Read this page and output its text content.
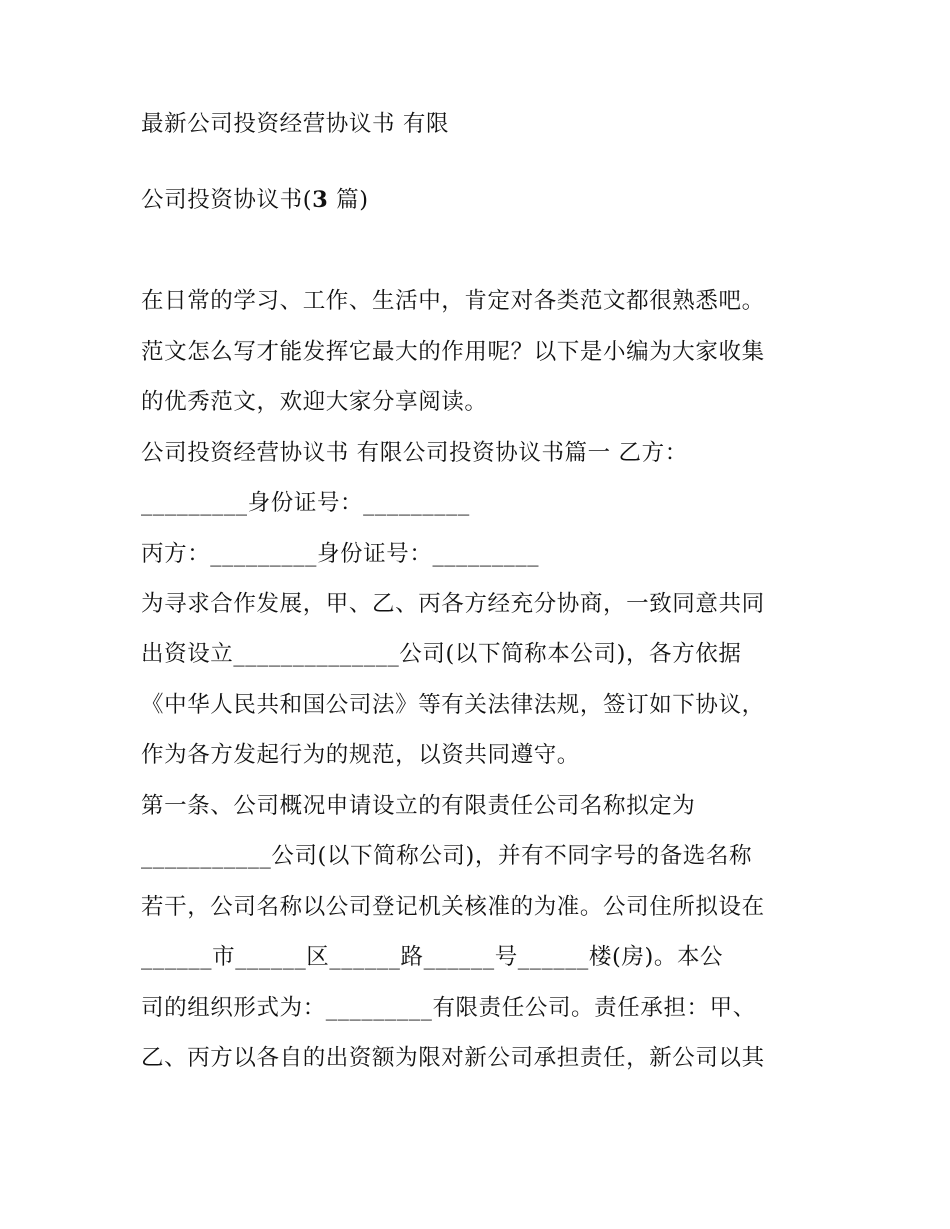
最新公司投资经营协议书 有限
公司投资协议书(3 篇)
在日常的学习、工作、生活中，肯定对各类范文都很熟悉吧。
范文怎么写才能发挥它最大的作用呢？以下是小编为大家收集
的优秀范文，欢迎大家分享阅读。
公司投资经营协议书 有限公司投资协议书篇一 乙方：
_________身份证号：_________
丙方：_________身份证号：_________
为寻求合作发展，甲、乙、丙各方经充分协商，一致同意共同
出资设立______________公司(以下简称本公司)，各方依据
《中华人民共和国公司法》等有关法律法规，签订如下协议，
作为各方发起行为的规范，以资共同遵守。
第一条、公司概况申请设立的有限责任公司名称拟定为
___________公司(以下简称公司)，并有不同字号的备选名称
若干，公司名称以公司登记机关核准的为准。公司住所拟设在
______市______区______路______号______楼(房)。本公
司的组织形式为：_________有限责任公司。责任承担：甲、
乙、丙方以各自的出资额为限对新公司承担责任，新公司以其
